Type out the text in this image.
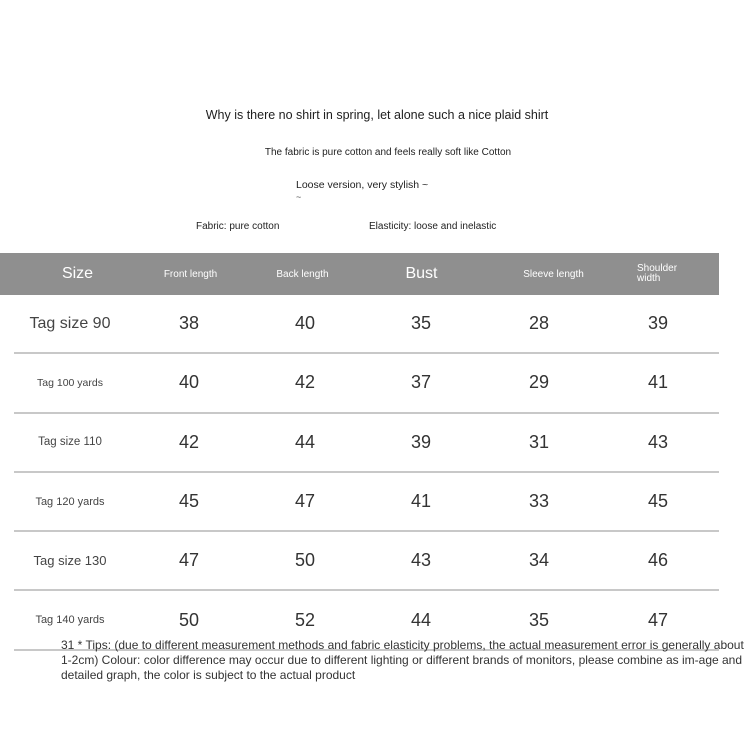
Why is there no shirt in spring, let alone such a nice plaid shirt
The fabric is pure cotton and feels really soft like Cotton
Loose version, very stylish ~
~
Fabric: pure cotton	Elasticity: loose and inelastic
Size	Front length	Back length	Bust	Sleeve length	Shoulder width
Tag size 90	38	40	35	28	39
Tag 100 yards	40	42	37	29	41
Tag size 110	42	44	39	31	43
Tag 120 yards	45	47	41	33	45
Tag size 130	47	50	43	34	46
Tag 140 yards	50	52	44	35	47
31 * Tips: (due to different measurement methods and fabric elasticity problems, the actual measurement error is generally about 1-2cm) Colour: color difference may occur due to different lighting or different brands of monitors, please combine as im-age and detailed graph, the color is subject to the actual product
